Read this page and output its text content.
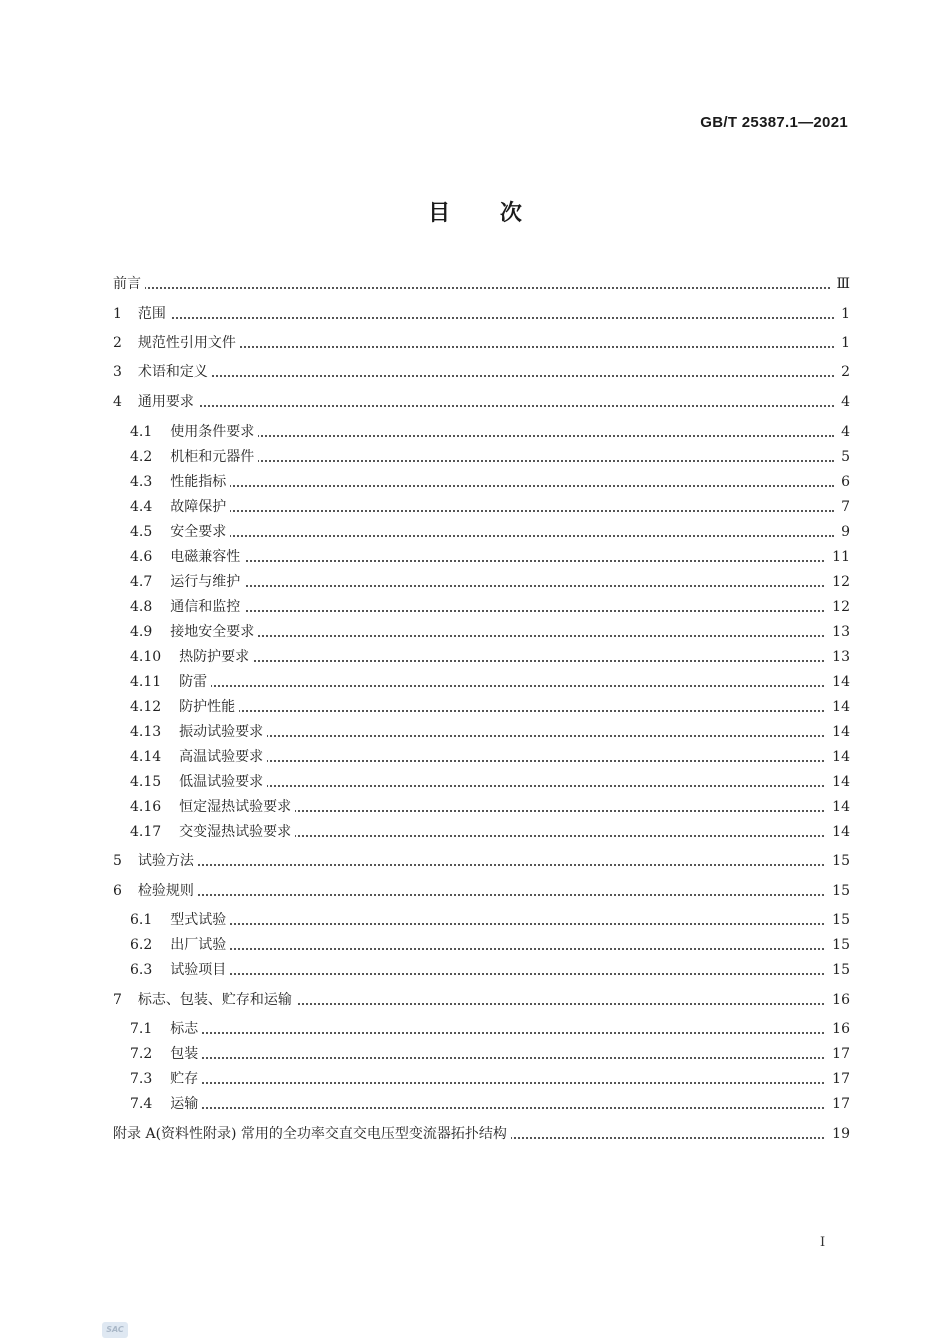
GB/T 25387.1—2021
目 次
前言	Ⅲ
1 范围	1
2 规范性引用文件	1
3 术语和定义	2
4 通用要求	4
4.1 使用条件要求	4
4.2 机柜和元器件	5
4.3 性能指标	6
4.4 故障保护	7
4.5 安全要求	9
4.6 电磁兼容性	11
4.7 运行与维护	12
4.8 通信和监控	12
4.9 接地安全要求	13
4.10 热防护要求	13
4.11 防雷	14
4.12 防护性能	14
4.13 振动试验要求	14
4.14 高温试验要求	14
4.15 低温试验要求	14
4.16 恒定湿热试验要求	14
4.17 交变湿热试验要求	14
5 试验方法	15
6 检验规则	15
6.1 型式试验	15
6.2 出厂试验	15
6.3 试验项目	15
7 标志、包装、贮存和运输	16
7.1 标志	16
7.2 包装	17
7.3 贮存	17
7.4 运输	17
附录 A(资料性附录) 常用的全功率交直交电压型变流器拓扑结构	19
I
SAC
